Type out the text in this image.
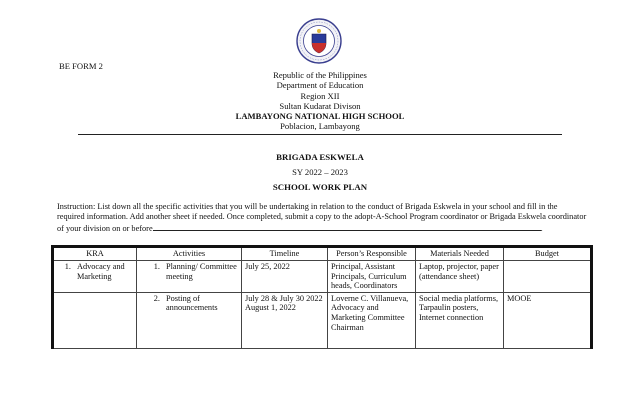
BE FORM 2
Republic of the Philippines
Department of Education
Region XII
Sultan Kudarat Divison
LAMBAYONG NATIONAL HIGH SCHOOL
Poblacion, Lambayong
BRIGADA ESKWELA
SY 2022 – 2023
SCHOOL WORK PLAN
Instruction: List down all the specific activities that you will be undertaking in relation to the conduct of Brigada Eskwela in your school and fill in the required information. Add another sheet if needed. Once completed, submit a copy to the adopt-A-School Program coordinator or Brigada Eskwela coordinator of your division on or before	.
KRA	Activities	Timeline	Person’s Responsible	Materials Needed	Budget

1. Advocacy and Marketing	1. Planning/ Committee meeting	July 25, 2022	Principal, Assistant Principals, Curriculum heads, Coordinators	Laptop, projector, paper (attendance sheet)	

	2. Posting of announcements	July 28 & July 30 2022 August 1, 2022	Loverne C. Villanueva, Advocacy and Marketing Committee Chairman	Social media platforms, Tarpaulin posters, Internet connection	MOOE
